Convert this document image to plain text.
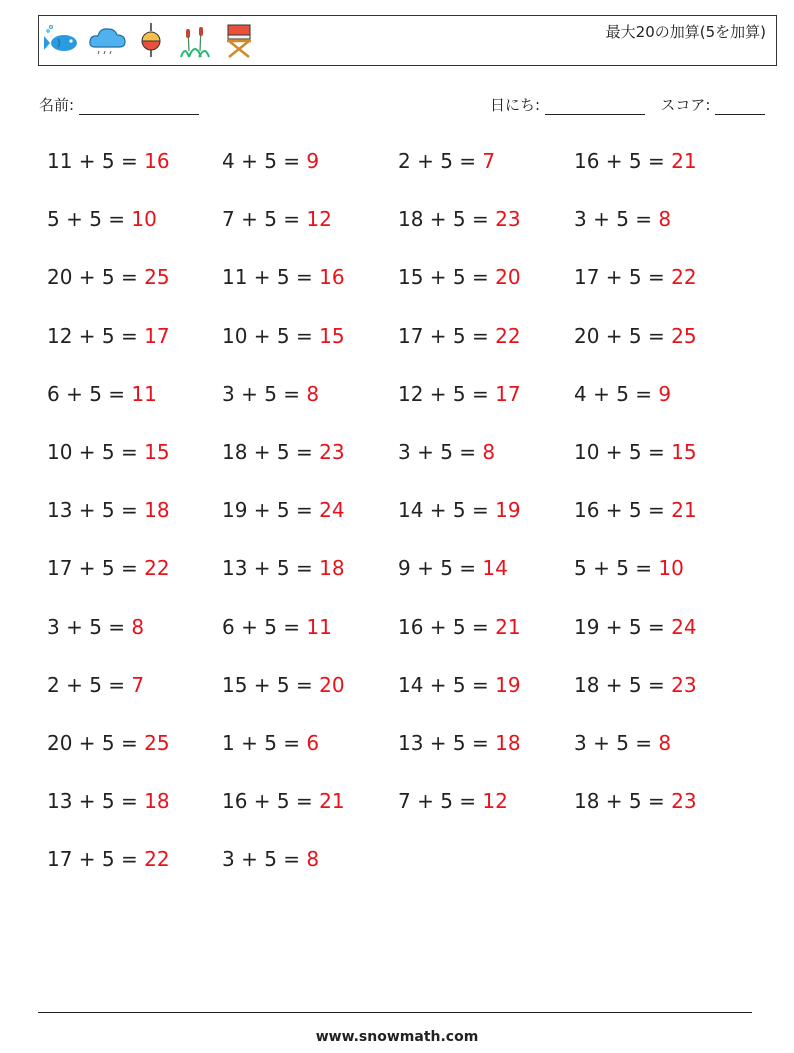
最大20の加算(5を加算)
名前:	日にち:	スコア:
11 + 5 = 16	4 + 5 = 9	2 + 5 = 7	16 + 5 = 21
5 + 5 = 10	7 + 5 = 12	18 + 5 = 23	3 + 5 = 8
20 + 5 = 25	11 + 5 = 16	15 + 5 = 20	17 + 5 = 22
12 + 5 = 17	10 + 5 = 15	17 + 5 = 22	20 + 5 = 25
6 + 5 = 11	3 + 5 = 8	12 + 5 = 17	4 + 5 = 9
10 + 5 = 15	18 + 5 = 23	3 + 5 = 8	10 + 5 = 15
13 + 5 = 18	19 + 5 = 24	14 + 5 = 19	16 + 5 = 21
17 + 5 = 22	13 + 5 = 18	9 + 5 = 14	5 + 5 = 10
3 + 5 = 8	6 + 5 = 11	16 + 5 = 21	19 + 5 = 24
2 + 5 = 7	15 + 5 = 20	14 + 5 = 19	18 + 5 = 23
20 + 5 = 25	1 + 5 = 6	13 + 5 = 18	3 + 5 = 8
13 + 5 = 18	16 + 5 = 21	7 + 5 = 12	18 + 5 = 23
17 + 5 = 22	3 + 5 = 8
www.snowmath.com
